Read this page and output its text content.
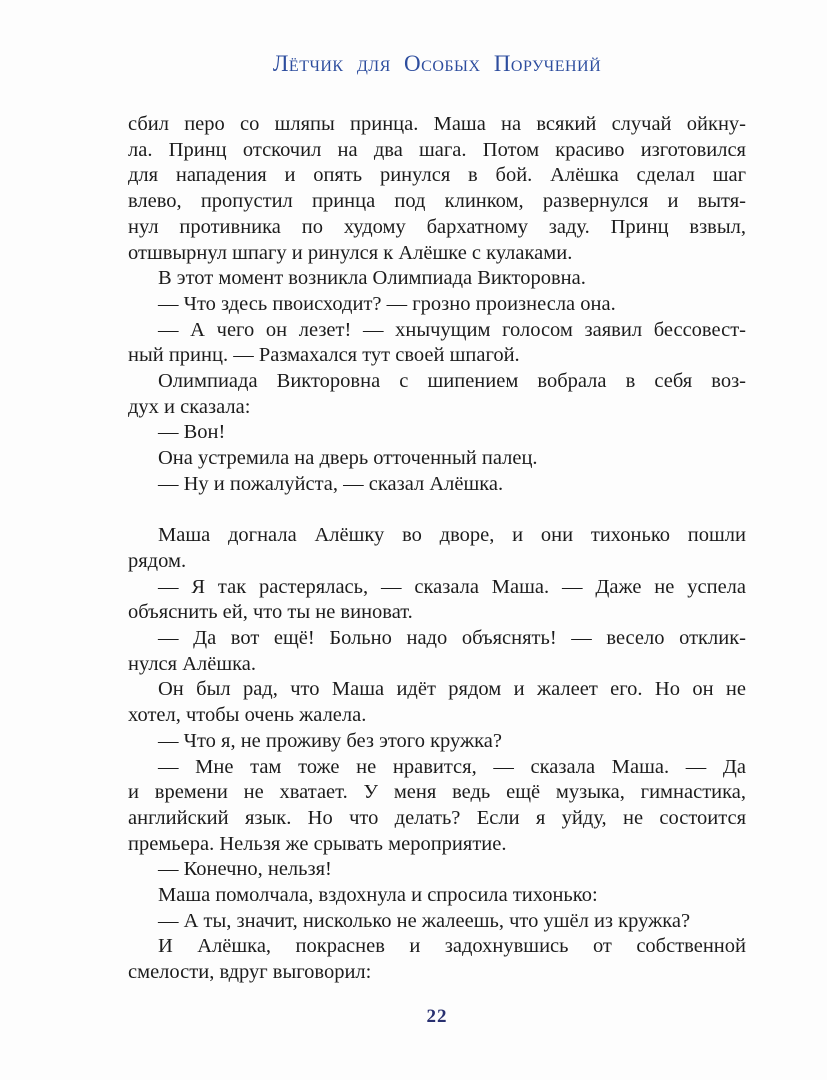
Лётчик для Особых Поручений
сбил перо со шляпы принца. Маша на всякий случай ойкну-
ла. Принц отскочил на два шага. Потом красиво изготовился
для нападения и опять ринулся в бой. Алёшка сделал шаг
влево, пропустил принца под клинком, развернулся и вытя-
нул противника по худому бархатному заду. Принц взвыл,
отшвырнул шпагу и ринулся к Алёшке с кулаками.
В этот момент возникла Олимпиада Викторовна.
— Что здесь пвоисходит? — грозно произнесла она.
— А чего он лезет! — хнычущим голосом заявил бессовест-
ный принц. — Размахался тут своей шпагой.
Олимпиада Викторовна с шипением вобрала в себя воз-
дух и сказала:
— Вон!
Она устремила на дверь отточенный палец.
— Ну и пожалуйста, — сказал Алёшка.
Маша догнала Алёшку во дворе, и они тихонько пошли
рядом.
— Я так растерялась, — сказала Маша. — Даже не успела
объяснить ей, что ты не виноват.
— Да вот ещё! Больно надо объяснять! — весело отклик-
нулся Алёшка.
Он был рад, что Маша идёт рядом и жалеет его. Но он не
хотел, чтобы очень жалела.
— Что я, не проживу без этого кружка?
— Мне там тоже не нравится, — сказала Маша. — Да
и времени не хватает. У меня ведь ещё музыка, гимнастика,
английский язык. Но что делать? Если я уйду, не состоится
премьера. Нельзя же срывать мероприятие.
— Конечно, нельзя!
Маша помолчала, вздохнула и спросила тихонько:
— А ты, значит, нисколько не жалеешь, что ушёл из кружка?
И Алёшка, покраснев и задохнувшись от собственной
смелости, вдруг выговорил:
22
